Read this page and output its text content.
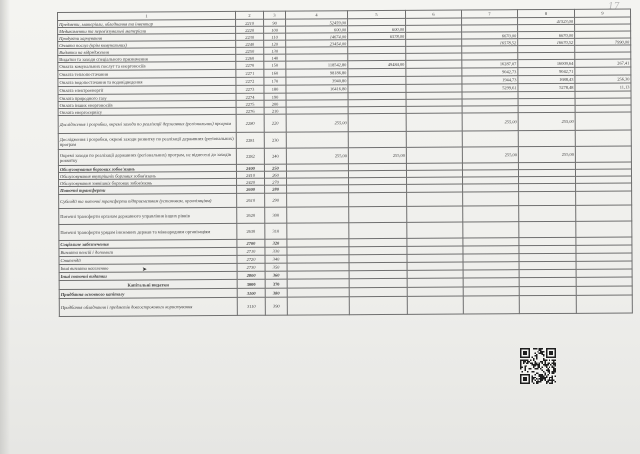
17
1	2	3	4	5	6	7	8	9
Предмети, матеріали, обладнання та інвентар	2210	90	52459,00				41523,00	
Медикаменти та перев'язувальні матеріали	2220	100	600,00	600,00				
Продукти харчування	2230	110	14674,00	6578,00		6670,00	6670,00	
Оплата послуг (крім комунальних)	2240	120	23454,00			16578,52	16670,52	7990,00
Видатки на відрядження	2250	130						
Видатки та заходи спеціального призначення	2260	140						
Оплата комунальних послуг та енергоносіїв	2270	150	118542,80	49484,00		16287,07	16009,64	267,41
Оплата теплопостачання	2271	160	98186,80			9042,73	9042,71	
Оплата водопостачання та водовідведення	2272	170	3940,80			1944,73	1688,43	256,30
Оплата електроенергії	2273	180	16416,80			5299,61	5278,48	11,13
Оплата природного газу	2274	190						
Оплата інших енергоносіїв	2275	200						
Оплата енергосервісу	2276	210						
Дослідження і розробки, окремі заходи по реалізації державних (регіональних) програм	2280	220	255,00			255,00	255,00	
Дослідження і розробки, окремі заходи розвитку по реалізації державних (регіональних) програм	2281	230						
Окремі заходи по реалізації державних (регіональних) програм, не віднесені до заходів розвитку	2282	240	255,00	255,00		255,00	255,00	
Обслуговування боргових зобов'язань	2400	250						
Обслуговування внутрішніх боргових зобов'язань	2410	260						
Обслуговування зовнішніх боргових зобов'язань	2420	270						
Поточні трансферти	2600	280						
Субсидії та поточні трансферти підприємствам (установам, організаціям)	2610	290						
Поточні трансферти органам державного управління інших рівнів	2620	300						
Поточні трансферти урядам іноземних держав та міжнародним організаціям	2630	310						
Соціальне забезпечення	2700	320						
Виплата пенсій і допомоги	2710	330						
Стипендії	2720	340						
Інші виплати населенню	2730	350						
Інші поточні видатки	2800	360						
Капітальні видатки	3000	370						
Придбання основного капіталу	3100	380						
Придбання обладнання і предметів довгострокового користування	3110	390						
➤
